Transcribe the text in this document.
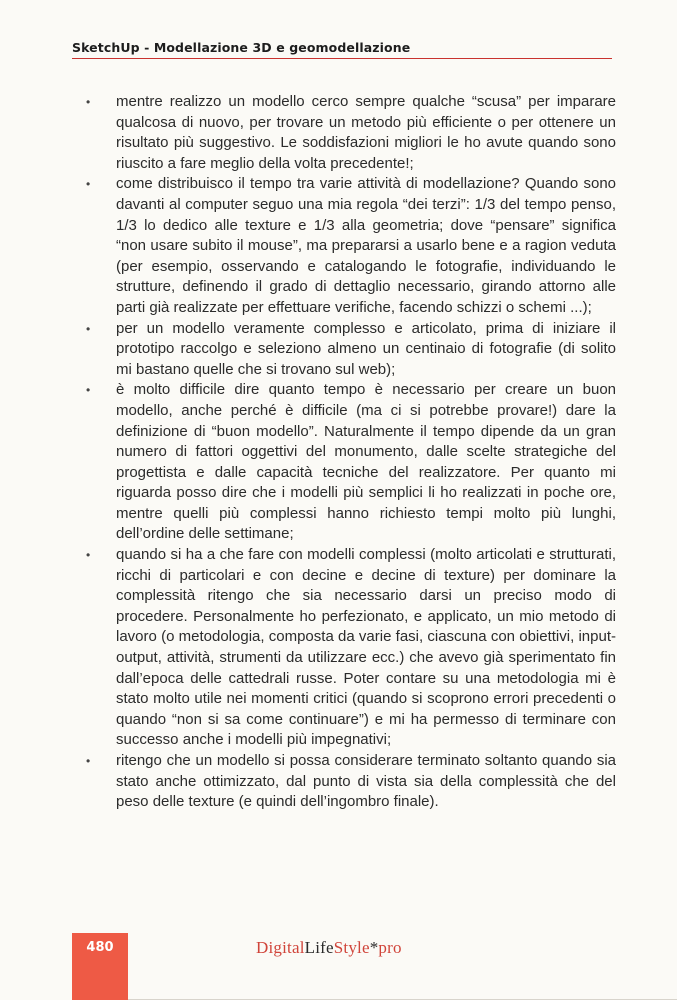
SketchUp - Modellazione 3D e geomodellazione
• mentre realizzo un modello cerco sempre qualche “scusa” per imparare qualcosa di nuovo, per trovare un metodo più efficiente o per ottenere un risultato più suggestivo. Le soddisfazioni migliori le ho avute quando sono riuscito a fare meglio della volta precedente!;
• come distribuisco il tempo tra varie attività di modellazione? Quando sono davanti al computer seguo una mia regola “dei terzi”: 1/3 del tempo penso, 1/3 lo dedico alle texture e 1/3 alla geometria; dove “pensare” significa “non usare subito il mouse”, ma prepararsi a usarlo bene e a ragion veduta (per esempio, osservando e catalogando le fotografie, individuando le strutture, definendo il grado di dettaglio necessario, girando attorno alle parti già realizzate per effettuare verifiche, facendo schizzi o schemi ...);
• per un modello veramente complesso e articolato, prima di iniziare il prototipo raccolgo e seleziono almeno un centinaio di fotografie (di solito mi bastano quelle che si trovano sul web);
• è molto difficile dire quanto tempo è necessario per creare un buon modello, anche perché è difficile (ma ci si potrebbe provare!) dare la definizione di “buon modello”. Naturalmente il tempo dipende da un gran numero di fattori oggettivi del monumento, dalle scelte strategiche del progettista e dalle capacità tecniche del realizzatore. Per quanto mi riguarda posso dire che i modelli più semplici li ho realizzati in poche ore, mentre quelli più complessi hanno richiesto tempi molto più lunghi, dell’ordine delle settimane;
• quando si ha a che fare con modelli complessi (molto articolati e strutturati, ricchi di particolari e con decine e decine di texture) per dominare la complessità ritengo che sia necessario darsi un preciso modo di procedere. Personalmente ho perfezionato, e applicato, un mio metodo di lavoro (o metodologia, composta da varie fasi, ciascuna con obiettivi, input-output, attività, strumenti da utilizzare ecc.) che avevo già sperimentato fin dall’epoca delle cattedrali russe. Poter contare su una metodologia mi è stato molto utile nei momenti critici (quando si scoprono errori precedenti o quando “non si sa come continuare”) e mi ha permesso di terminare con successo anche i modelli più impegnativi;
• ritengo che un modello si possa considerare terminato soltanto quando sia stato anche ottimizzato, dal punto di vista sia della complessità che del peso delle texture (e quindi dell’ingombro finale).
480	DigitalLifeStyle*pro
